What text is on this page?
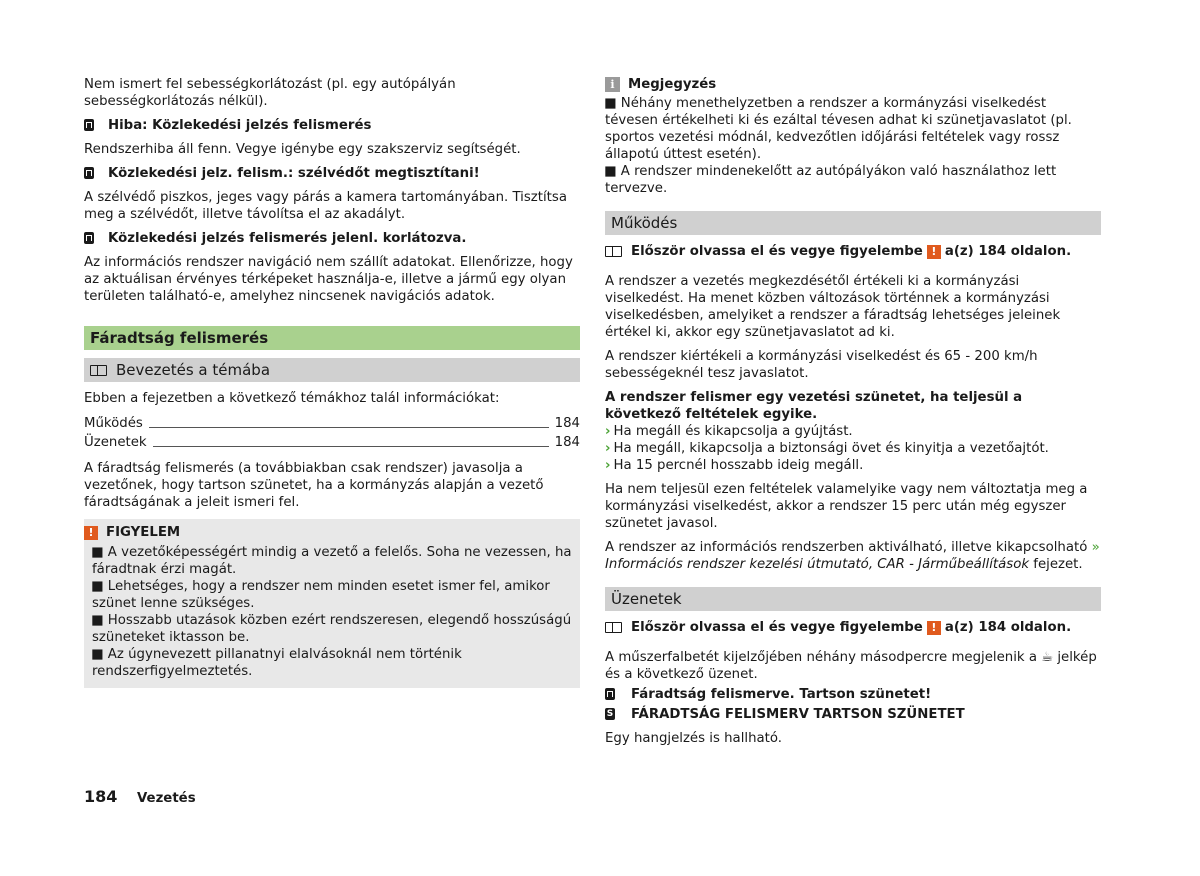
Nem ismert fel sebességkorlátozást (pl. egy autópályán sebességkorlátozás nélkül).

Hiba: Közlekedési jelzés felismerés

Rendszerhiba áll fenn. Vegye igénybe egy szakszerviz segítségét.

Közlekedési jelz. felism.: szélvédőt megtisztítani!

A szélvédő piszkos, jeges vagy párás a kamera tartományában. Tisztítsa meg a szélvédőt, illetve távolítsa el az akadályt.

Közlekedési jelzés felismerés jelenl. korlátozva.

Az információs rendszer navigáció nem szállít adatokat. Ellenőrizze, hogy az aktuálisan érvényes térképeket használja-e, illetve a jármű egy olyan területen található-e, amelyhez nincsenek navigációs adatok.

Fáradtság felismerés
Bevezetés a témába

Ebben a fejezetben a következő témákhoz talál információkat:

Működés	184
Üzenetek	184

A fáradtság felismerés (a továbbiakban csak rendszer) javasolja a vezetőnek, hogy tartson szünetet, ha a kormányzás alapján a vezető fáradtságának a jeleit ismeri fel.

! FIGYELEM

■ A vezetőképességért mindig a vezető a felelős. Soha ne vezessen, ha fáradtnak érzi magát.

■ Lehetséges, hogy a rendszer nem minden esetet ismer fel, amikor szünet lenne szükséges.

■ Hosszabb utazások közben ezért rendszeresen, elegendő hosszúságú szüneteket iktasson be.

■ Az úgynevezett pillanatnyi elalvásoknál nem történik rendszerfigyelmeztetés.

i	Megjegyzés

■ Néhány menethelyzetben a rendszer a kormányzási viselkedést tévesen értékelheti ki és ezáltal tévesen adhat ki szünetjavaslatot (pl. sportos vezetési módnál, kedvezőtlen időjárási feltételek vagy rossz állapotú úttest esetén).

■ A rendszer mindenekelőtt az autópályákon való használathoz lett tervezve.

Működés
Először olvassa el és vegye figyelembe ! a(z) 184 oldalon.

A rendszer a vezetés megkezdésétől értékeli ki a kormányzási viselkedést. Ha menet közben változások történnek a kormányzási viselkedésben, amelyiket a rendszer a fáradtság lehetséges jeleinek értékel ki, akkor egy szünetjavaslatot ad ki.

A rendszer kiértékeli a kormányzási viselkedést és 65 - 200 km/h sebességeknél tesz javaslatot.

A rendszer felismer egy vezetési szünetet, ha teljesül a következő feltételek egyike.

› Ha megáll és kikapcsolja a gyújtást.
› Ha megáll, kikapcsolja a biztonsági övet és kinyitja a vezetőajtót.
› Ha 15 percnél hosszabb ideig megáll.

Ha nem teljesül ezen feltételek valamelyike vagy nem változtatja meg a kormányzási viselkedést, akkor a rendszer 15 perc után még egyszer szünetet javasol.

A rendszer az információs rendszerben aktiválható, illetve kikapcsolható » Információs rendszer kezelési útmutató, CAR - Járműbeállítások fejezet.

Üzenetek
Először olvassa el és vegye figyelembe ! a(z) 184 oldalon.

A műszerfalbetét kijelzőjében néhány másodpercre megjelenik a ☕ jelkép és a következő üzenet.

Fáradtság felismerve. Tartson szünetet!
S FÁRADTSÁG FELISMERV TARTSON SZÜNETET

Egy hangjelzés is hallható.

184 Vezetés
